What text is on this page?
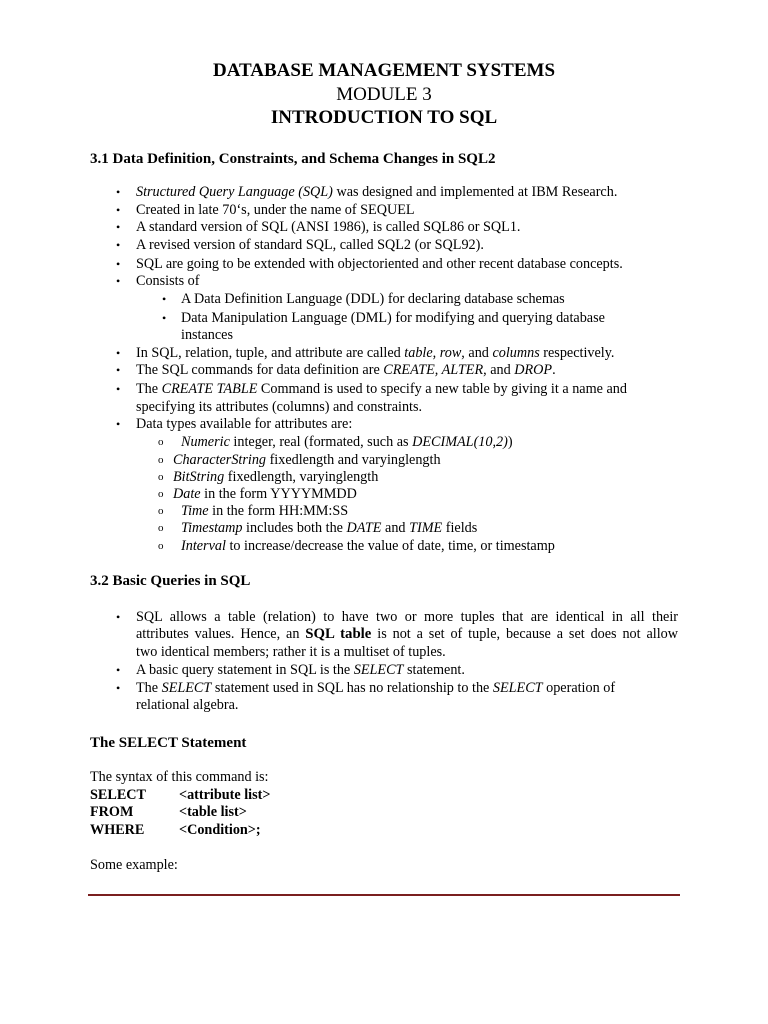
DATABASE MANAGEMENT SYSTEMS
MODULE 3
INTRODUCTION TO SQL
3.1 Data Definition, Constraints, and Schema Changes in SQL2
• Structured Query Language (SQL) was designed and implemented at IBM Research.
• Created in late 70‘s, under the name of SEQUEL
• A standard version of SQL (ANSI 1986), is called SQL86 or SQL1.
• A revised version of standard SQL, called SQL2 (or SQL92).
• SQL are going to be extended with objectoriented and other recent database concepts.
• Consists of
• A Data Definition Language (DDL) for declaring database schemas
• Data Manipulation Language (DML) for modifying and querying database
instances
• In SQL, relation, tuple, and attribute are called table, row, and columns respectively.
• The SQL commands for data definition are CREATE, ALTER, and DROP.
• The CREATE TABLE Command is used to specify a new table by giving it a name and
specifying its attributes (columns) and constraints.
• Data types available for attributes are:
o Numeric integer, real (formated, such as DECIMAL(10,2))
o CharacterString fixedlength and varyinglength
o BitString fixedlength, varyinglength
o Date in the form YYYYMMDD
o Time in the form HH:MM:SS
o Timestamp includes both the DATE and TIME fields
o Interval to increase/decrease the value of date, time, or timestamp
3.2 Basic Queries in SQL
• SQL allows a table (relation) to have two or more tuples that are identical in all their
attributes values. Hence, an SQL table is not a set of tuple, because a set does not allow
two identical members; rather it is a multiset of tuples.
• A basic query statement in SQL is the SELECT statement.
• The SELECT statement used in SQL has no relationship to the SELECT operation of
relational algebra.
The SELECT Statement
The syntax of this command is:
SELECT <attribute list>
FROM	<table list>
WHERE <Condition>;
Some example:
